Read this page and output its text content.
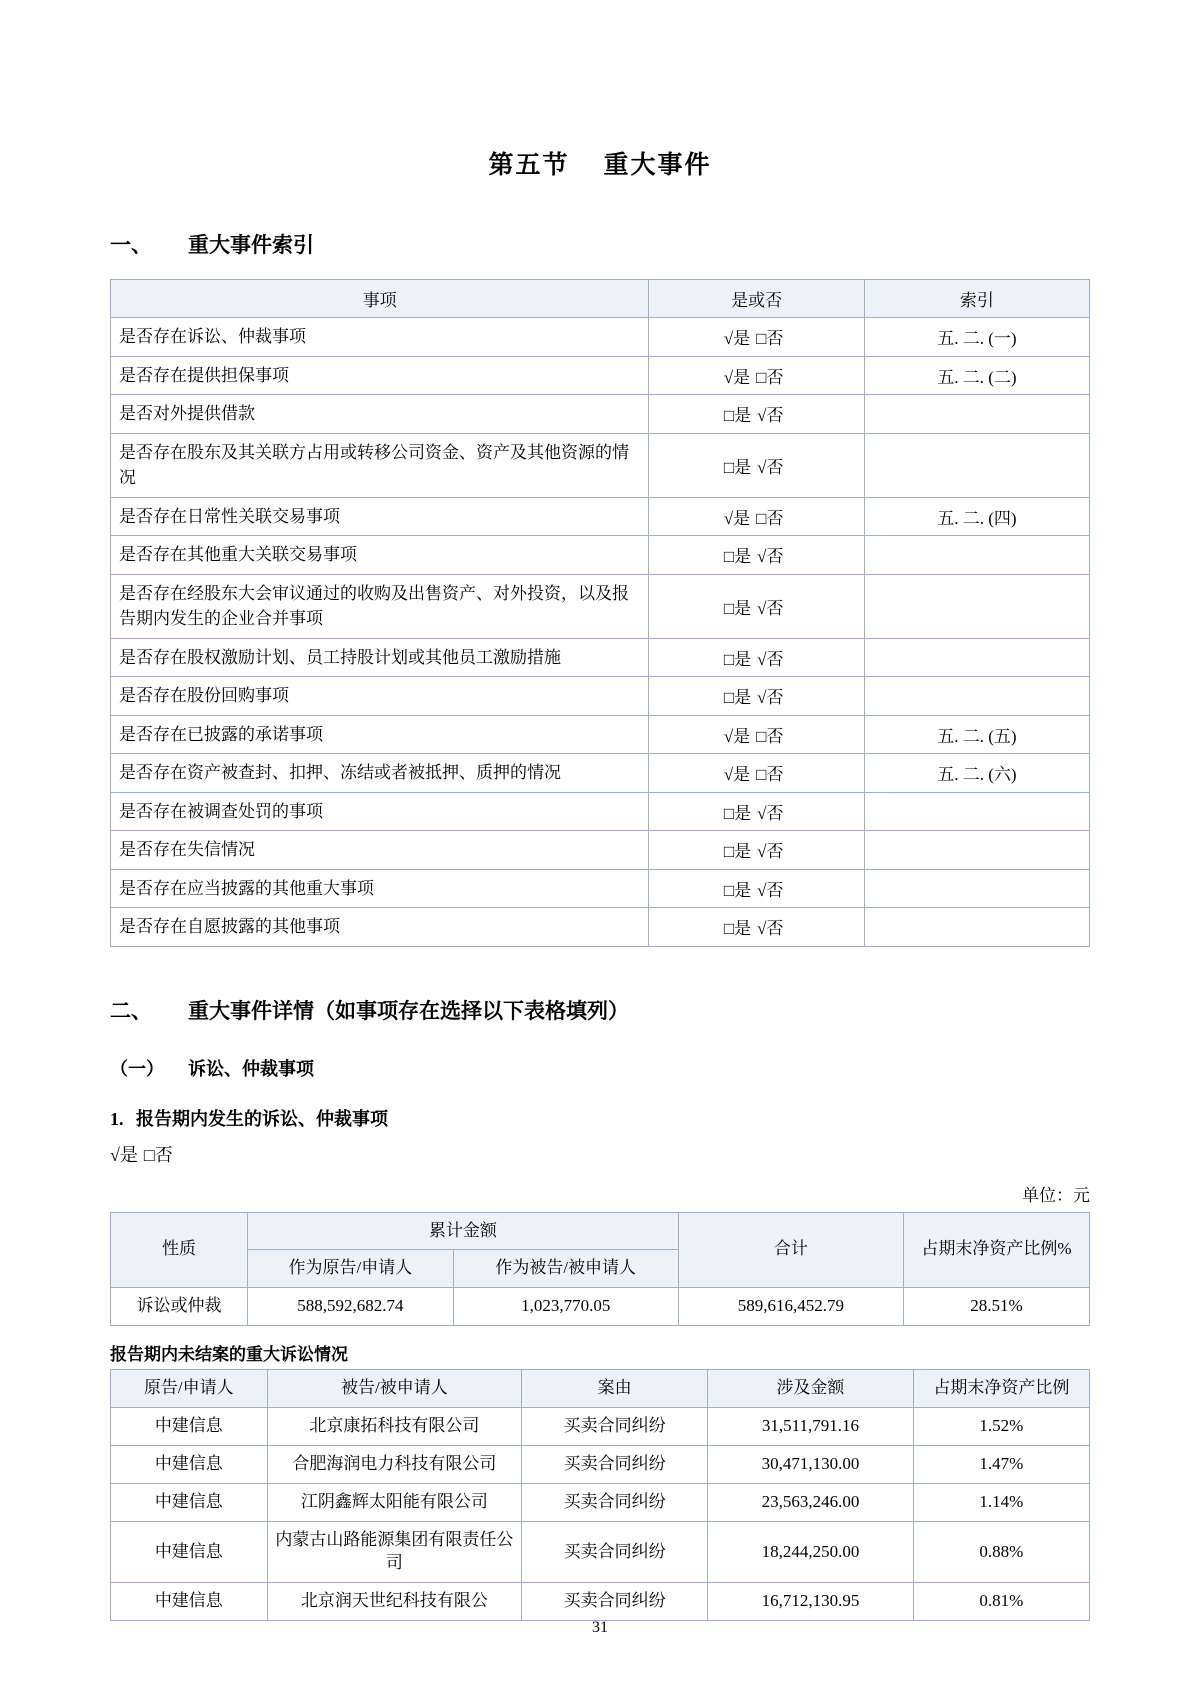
第五节 重大事件
一、 重大事件索引
事项	是或否	索引
是否存在诉讼、仲裁事项	√是 □否	五. 二. (一)
是否存在提供担保事项	√是 □否	五. 二. (二)
是否对外提供借款	□是 √否	
是否存在股东及其关联方占用或转移公司资金、资产及其他资源的情况	□是 √否	
是否存在日常性关联交易事项	√是 □否	五. 二. (四)
是否存在其他重大关联交易事项	□是 √否	
是否存在经股东大会审议通过的收购及出售资产、对外投资，以及报告期内发生的企业合并事项	□是 √否	
是否存在股权激励计划、员工持股计划或其他员工激励措施	□是 √否	
是否存在股份回购事项	□是 √否	
是否存在已披露的承诺事项	√是 □否	五. 二. (五)
是否存在资产被查封、扣押、冻结或者被抵押、质押的情况	√是 □否	五. 二. (六)
是否存在被调查处罚的事项	□是 √否	
是否存在失信情况	□是 √否	
是否存在应当披露的其他重大事项	□是 √否	
是否存在自愿披露的其他事项	□是 √否	
二、 重大事件详情（如事项存在选择以下表格填列）
（一） 诉讼、仲裁事项
1. 报告期内发生的诉讼、仲裁事项
√是 □否
单位：元
性质	累计金额		合计	占期末净资产比例%
	作为原告/申请人	作为被告/被申请人		
诉讼或仲裁	588,592,682.74	1,023,770.05	589,616,452.79	28.51%
报告期内未结案的重大诉讼情况
原告/申请人	被告/被申请人	案由	涉及金额	占期末净资产比例
中建信息	北京康拓科技有限公司	买卖合同纠纷	31,511,791.16	1.52%
中建信息	合肥海润电力科技有限公司	买卖合同纠纷	30,471,130.00	1.47%
中建信息	江阴鑫辉太阳能有限公司	买卖合同纠纷	23,563,246.00	1.14%
中建信息	内蒙古山路能源集团有限责任公司	买卖合同纠纷	18,244,250.00	0.88%
中建信息	北京润天世纪科技有限公	买卖合同纠纷	16,712,130.95	0.81%
31
